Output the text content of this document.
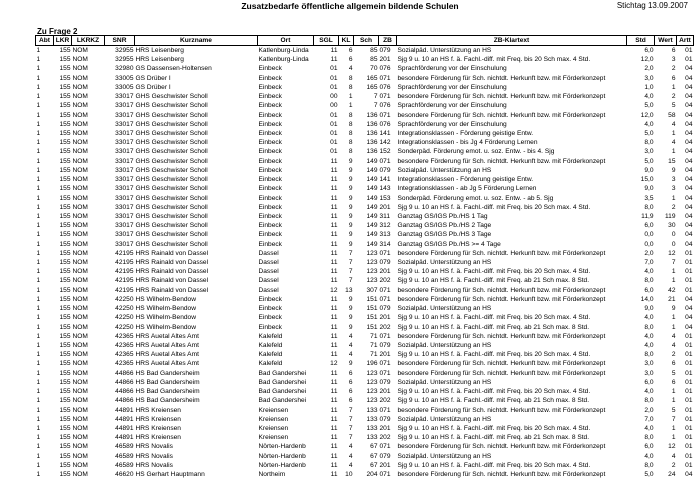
Zusatzbedarfe öffentliche allgemein bildende Schulen	Stichtag 13.09.2007
Zu Frage 2
Abt	LKR	LKRKZ	SNR	Kurzname	Ort	SGL	KL	Sch	ZB	ZB-Klartext	Std	Wert	Artt
1	155	NOM	32955	HRS Leisenberg	Katlenburg-Linda	11	6	85	079	Sozialpäd. Unterstützung an HS	6,0	6	01
1	155	NOM	32955	HRS Leisenberg	Katlenburg-Linda	11	6	85	201	Sjg 9 u. 10 an HS f. ä. Fachl.-diff. mit Freq. bis 20 Sch max. 4 Std.	12,0	3	01
1	155	NOM	32980	GS Dassensen-Holtensen	Einbeck	01	4	70	076	Sprachförderung vor der Einschulung	2,0	2	04
1	155	NOM	33005	GS Drüber I	Einbeck	01	8	165	071	besondere Förderung für Sch. nichtdt. Herkunft bzw. mit Förderkonzept	3,0	6	04
1	155	NOM	33005	GS Drüber I	Einbeck	01	8	165	076	Sprachförderung vor der Einschulung	1,0	1	04
1	155	NOM	33017	GHS Geschwister Scholl	Einbeck	00	1	7	071	besondere Förderung für Sch. nichtdt. Herkunft bzw. mit Förderkonzept	4,0	2	04
1	155	NOM	33017	GHS Geschwister Scholl	Einbeck	00	1	7	076	Sprachförderung vor der Einschulung	5,0	5	04
1	155	NOM	33017	GHS Geschwister Scholl	Einbeck	01	8	136	071	besondere Förderung für Sch. nichtdt. Herkunft bzw. mit Förderkonzept	12,0	58	04
1	155	NOM	33017	GHS Geschwister Scholl	Einbeck	01	8	136	076	Sprachförderung vor der Einschulung	4,0	4	04
1	155	NOM	33017	GHS Geschwister Scholl	Einbeck	01	8	136	141	Integrationsklassen - Förderung geistige Entw.	5,0	1	04
1	155	NOM	33017	GHS Geschwister Scholl	Einbeck	01	8	136	142	Integrationsklassen - bis Jg 4 Förderung Lernen	8,0	4	04
1	155	NOM	33017	GHS Geschwister Scholl	Einbeck	01	8	136	152	Sonderpäd. Förderung emot. u. soz. Entw. - bis 4. Sjg	3,0	1	04
1	155	NOM	33017	GHS Geschwister Scholl	Einbeck	11	9	149	071	besondere Förderung für Sch. nichtdt. Herkunft bzw. mit Förderkonzept	5,0	15	04
1	155	NOM	33017	GHS Geschwister Scholl	Einbeck	11	9	149	079	Sozialpäd. Unterstützung an HS	9,0	9	04
1	155	NOM	33017	GHS Geschwister Scholl	Einbeck	11	9	149	141	Integrationsklassen - Förderung geistige Entw.	15,0	3	04
1	155	NOM	33017	GHS Geschwister Scholl	Einbeck	11	9	149	143	Integrationsklassen - ab Jg 5 Förderung Lernen	9,0	3	04
1	155	NOM	33017	GHS Geschwister Scholl	Einbeck	11	9	149	153	Sonderpäd. Förderung emot. u. soz. Entw. - ab 5. Sjg	3,5	1	04
1	155	NOM	33017	GHS Geschwister Scholl	Einbeck	11	9	149	201	Sjg 9 u. 10 an HS f. ä. Fachl.-diff. mit Freq. bis 20 Sch max. 4 Std.	8,0	2	04
1	155	NOM	33017	GHS Geschwister Scholl	Einbeck	11	9	149	311	Ganztag GS/IGS Pb./HS 1 Tag	11,9	119	04
1	155	NOM	33017	GHS Geschwister Scholl	Einbeck	11	9	149	312	Ganztag GS/IGS Pb./HS 2 Tage	6,0	30	04
1	155	NOM	33017	GHS Geschwister Scholl	Einbeck	11	9	149	313	Ganztag GS/IGS Pb./HS 3 Tage	0,0	0	04
1	155	NOM	33017	GHS Geschwister Scholl	Einbeck	11	9	149	314	Ganztag GS/IGS Pb./HS >= 4 Tage	0,0	0	04
1	155	NOM	42195	HRS Rainald von Dassel	Dassel	11	7	123	071	besondere Förderung für Sch. nichtdt. Herkunft bzw. mit Förderkonzept	2,0	12	01
1	155	NOM	42195	HRS Rainald von Dassel	Dassel	11	7	123	079	Sozialpäd. Unterstützung an HS	7,0	7	01
1	155	NOM	42195	HRS Rainald von Dassel	Dassel	11	7	123	201	Sjg 9 u. 10 an HS f. ä. Fachl.-diff. mit Freq. bis 20 Sch max. 4 Std.	4,0	1	01
1	155	NOM	42195	HRS Rainald von Dassel	Dassel	11	7	123	202	Sjg 9 u. 10 an HS f. ä. Fachl.-diff. mit Freq. ab 21 Sch max. 8 Std.	8,0	1	01
1	155	NOM	42195	HRS Rainald von Dassel	Dassel	12	13	307	071	besondere Förderung für Sch. nichtdt. Herkunft bzw. mit Förderkonzept	6,0	42	01
1	155	NOM	42250	HS Wilhelm-Bendow	Einbeck	11	9	151	071	besondere Förderung für Sch. nichtdt. Herkunft bzw. mit Förderkonzept	14,0	21	04
1	155	NOM	42250	HS Wilhelm-Bendow	Einbeck	11	9	151	079	Sozialpäd. Unterstützung an HS	9,0	9	04
1	155	NOM	42250	HS Wilhelm-Bendow	Einbeck	11	9	151	201	Sjg 9 u. 10 an HS f. ä. Fachl.-diff. mit Freq. bis 20 Sch max. 4 Std.	4,0	1	04
1	155	NOM	42250	HS Wilhelm-Bendow	Einbeck	11	9	151	202	Sjg 9 u. 10 an HS f. ä. Fachl.-diff. mit Freq. ab 21 Sch max. 8 Std.	8,0	1	04
1	155	NOM	42365	HRS Auetal Altes Amt	Kalefeld	11	4	71	071	besondere Förderung für Sch. nichtdt. Herkunft bzw. mit Förderkonzept	4,0	4	01
1	155	NOM	42365	HRS Auetal Altes Amt	Kalefeld	11	4	71	079	Sozialpäd. Unterstützung an HS	4,0	4	01
1	155	NOM	42365	HRS Auetal Altes Amt	Kalefeld	11	4	71	201	Sjg 9 u. 10 an HS f. ä. Fachl.-diff. mit Freq. bis 20 Sch max. 4 Std.	8,0	2	01
1	155	NOM	42365	HRS Auetal Altes Amt	Kalefeld	12	9	196	071	besondere Förderung für Sch. nichtdt. Herkunft bzw. mit Förderkonzept	3,0	6	01
1	155	NOM	44866	HS Bad Gandersheim	Bad Gandershei	11	6	123	071	besondere Förderung für Sch. nichtdt. Herkunft bzw. mit Förderkonzept	3,0	5	01
1	155	NOM	44866	HS Bad Gandersheim	Bad Gandershei	11	6	123	079	Sozialpäd. Unterstützung an HS	6,0	6	01
1	155	NOM	44866	HS Bad Gandersheim	Bad Gandershei	11	6	123	201	Sjg 9 u. 10 an HS f. ä. Fachl.-diff. mit Freq. bis 20 Sch max. 4 Std.	4,0	1	01
1	155	NOM	44866	HS Bad Gandersheim	Bad Gandershei	11	6	123	202	Sjg 9 u. 10 an HS f. ä. Fachl.-diff. mit Freq. ab 21 Sch max. 8 Std.	8,0	1	01
1	155	NOM	44891	HRS Kreiensen	Kreiensen	11	7	133	071	besondere Förderung für Sch. nichtdt. Herkunft bzw. mit Förderkonzept	2,0	5	01
1	155	NOM	44891	HRS Kreiensen	Kreiensen	11	7	133	079	Sozialpäd. Unterstützung an HS	7,0	7	01
1	155	NOM	44891	HRS Kreiensen	Kreiensen	11	7	133	201	Sjg 9 u. 10 an HS f. ä. Fachl.-diff. mit Freq. bis 20 Sch max. 4 Std.	4,0	1	01
1	155	NOM	44891	HRS Kreiensen	Kreiensen	11	7	133	202	Sjg 9 u. 10 an HS f. ä. Fachl.-diff. mit Freq. ab 21 Sch max. 8 Std.	8,0	1	01
1	155	NOM	46589	HRS Novalis	Nörten-Hardenb	11	4	67	071	besondere Förderung für Sch. nichtdt. Herkunft bzw. mit Förderkonzept	6,0	12	01
1	155	NOM	46589	HRS Novalis	Nörten-Hardenb	11	4	67	079	Sozialpäd. Unterstützung an HS	4,0	4	01
1	155	NOM	46589	HRS Novalis	Nörten-Hardenb	11	4	67	201	Sjg 9 u. 10 an HS f. ä. Fachl.-diff. mit Freq. bis 20 Sch max. 4 Std.	8,0	2	01
1	155	NOM	46620	HS Gerhart Hauptmann	Northeim	11	10	204	071	besondere Förderung für Sch. nichtdt. Herkunft bzw. mit Förderkonzept	5,0	24	04
